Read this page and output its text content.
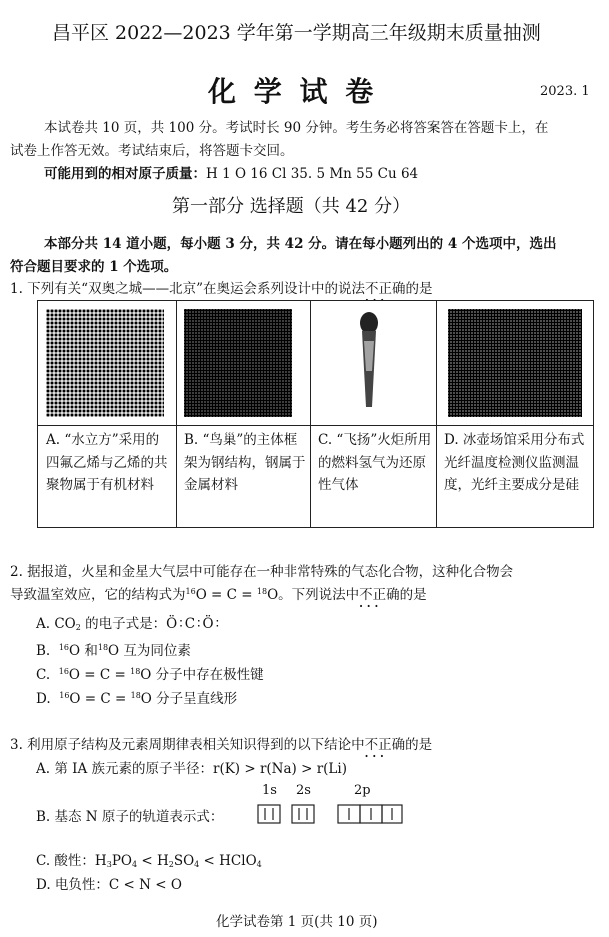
昌平区 2022—2023 学年第一学期高三年级期末质量抽测
化 学 试 卷	2023. 1
本试卷共 10 页，共 100 分。考试时长 90 分钟。考生务必将答案答在答题卡上，在
试卷上作答无效。考试结束后，将答题卡交回。
可能用到的相对原子质量：H 1 O 16 Cl 35. 5 Mn 55 Cu 64
第一部分 选择题（共 42 分）
本部分共 14 道小题，每小题 3 分，共 42 分。请在每小题列出的 4 个选项中，选出
符合题目要求的 1 个选项。
1. 下列有关“双奥之城——北京”在奥运会系列设计中的说法不正确 · · ·的是
A. “水立方”采用的四氟乙烯与乙烯的共聚物属于有机材料
B. “鸟巢”的主体框架为钢结构，钢属于金属材料
C. “飞扬”火炬所用的燃料氢气为还原性气体
D. 冰壶场馆采用分布式光纤温度检测仪监测温度，光纤主要成分是硅
2. 据报道，火星和金星大气层中可能存在一种非常特殊的气态化合物，这种化合物会
导致温室效应，它的结构式为$^{16}$O = C = $^{18}$O。下列说法中不正确 · · ·的是
A. $CO_2$ 的电子式是：Ö∶C∶Ö∶
B. $^{16}$O 和$^{18}$O 互为同位素
C. $^{16}$O = C = $^{18}$O 分子中存在极性键
D. $^{16}$O = C = $^{18}$O 分子呈直线形
3. 利用原子结构及元素周期律表相关知识得到的以下结论中不正确 · · ·的是
A. 第 IA 族元素的原子半径：r(K) > r(Na) > r(Li)
1s 2s	2p
B. 基态 N 原子的轨道表示式：
C. 酸性：$H_3PO_4 < H_2SO_4$ < HClO$_4$
D. 电负性：C < N < O
化学试卷第 1 页(共 10 页)
